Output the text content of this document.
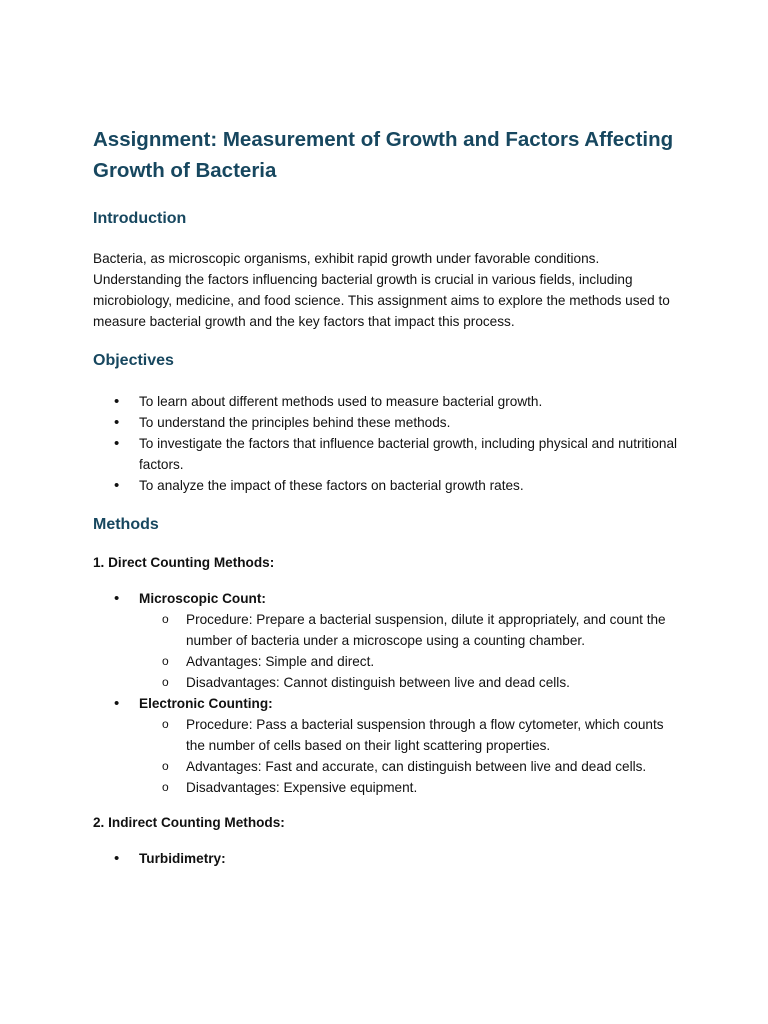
Assignment: Measurement of Growth and Factors Affecting Growth of Bacteria
Introduction

Bacteria, as microscopic organisms, exhibit rapid growth under favorable conditions. Understanding the factors influencing bacterial growth is crucial in various fields, including microbiology, medicine, and food science. This assignment aims to explore the methods used to measure bacterial growth and the key factors that impact this process.

Objectives
• To learn about different methods used to measure bacterial growth.
• To understand the principles behind these methods.
• To investigate the factors that influence bacterial growth, including physical and nutritional factors.
• To analyze the impact of these factors on bacterial growth rates.
Methods
1. Direct Counting Methods:
• Microscopic Count:
o Procedure: Prepare a bacterial suspension, dilute it appropriately, and count the number of bacteria under a microscope using a counting chamber.
o Advantages: Simple and direct.
o Disadvantages: Cannot distinguish between live and dead cells.
• Electronic Counting:
o Procedure: Pass a bacterial suspension through a flow cytometer, which counts the number of cells based on their light scattering properties.
o Advantages: Fast and accurate, can distinguish between live and dead cells.
o Disadvantages: Expensive equipment.
2. Indirect Counting Methods:
• Turbidimetry:
